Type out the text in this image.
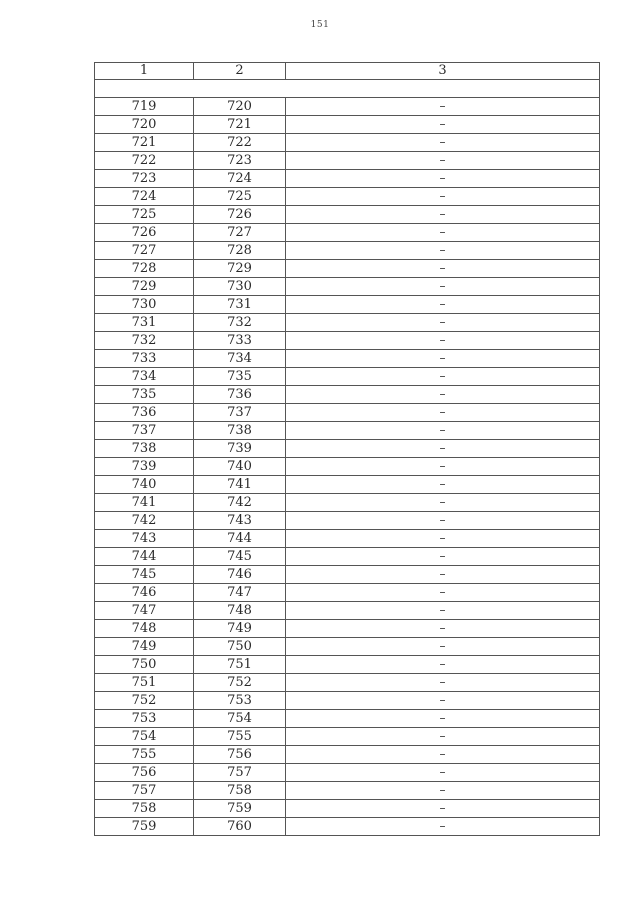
151
1	2	3

719	720	–
720	721	–
721	722	–
722	723	–
723	724	–
724	725	–
725	726	–
726	727	–
727	728	–
728	729	–
729	730	–
730	731	–
731	732	–
732	733	–
733	734	–
734	735	–
735	736	–
736	737	–
737	738	–
738	739	–
739	740	–
740	741	–
741	742	–
742	743	–
743	744	–
744	745	–
745	746	–
746	747	–
747	748	–
748	749	–
749	750	–
750	751	–
751	752	–
752	753	–
753	754	–
754	755	–
755	756	–
756	757	–
757	758	–
758	759	–
759	760	–
